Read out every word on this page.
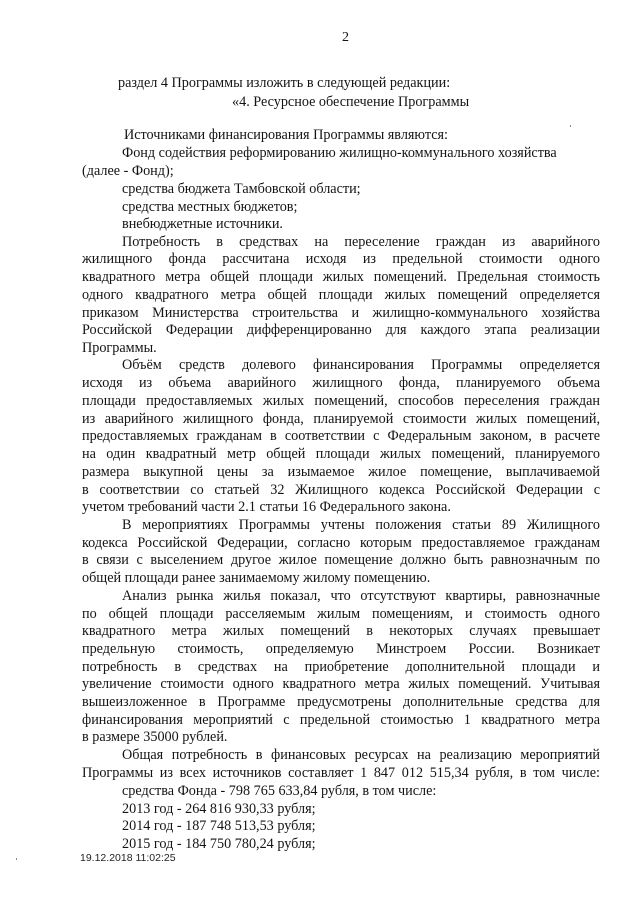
2
раздел 4 Программы изложить в следующей редакции:
«4. Ресурсное обеспечение Программы
Источниками финансирования Программы являются:
Фонд содействия реформированию жилищно-коммунального хозяйства
(далее - Фонд);
средства бюджета Тамбовской области;
средства местных бюджетов;
внебюджетные источники.
Потребность в средствах на переселение граждан из аварийного
жилищного фонда рассчитана исходя из предельной стоимости одного
квадратного метра общей площади жилых помещений. Предельная стоимость
одного квадратного метра общей площади жилых помещений определяется
приказом Министерства строительства и жилищно-коммунального хозяйства
Российской Федерации дифференцированно для каждого этапа реализации
Программы.
Объём средств долевого финансирования Программы определяется
исходя из объема аварийного жилищного фонда, планируемого объема
площади предоставляемых жилых помещений, способов переселения граждан
из аварийного жилищного фонда, планируемой стоимости жилых помещений,
предоставляемых гражданам в соответствии с Федеральным законом, в расчете
на один квадратный метр общей площади жилых помещений, планируемого
размера выкупной цены за изымаемое жилое помещение, выплачиваемой
в соответствии со статьей 32 Жилищного кодекса Российской Федерации с
учетом требований части 2.1 статьи 16 Федерального закона.
В мероприятиях Программы учтены положения статьи 89 Жилищного
кодекса Российской Федерации, согласно которым предоставляемое гражданам
в связи с выселением другое жилое помещение должно быть равнозначным по
общей площади ранее занимаемому жилому помещению.
Анализ рынка жилья показал, что отсутствуют квартиры, равнозначные
по общей площади расселяемым жилым помещениям, и стоимость одного
квадратного метра жилых помещений в некоторых случаях превышает
предельную стоимость, определяемую Минстроем России. Возникает
потребность в средствах на приобретение дополнительной площади и
увеличение стоимости одного квадратного метра жилых помещений. Учитывая
вышеизложенное в Программе предусмотрены дополнительные средства для
финансирования мероприятий с предельной стоимостью 1 квадратного метра
в размере 35000 рублей.
Общая потребность в финансовых ресурсах на реализацию мероприятий
Программы из всех источников составляет 1 847 012 515,34 рубля, в том числе:
средства Фонда - 798 765 633,84 рубля, в том числе:
2013 год - 264 816 930,33 рубля;
2014 год - 187 748 513,53 рубля;
2015 год - 184 750 780,24 рубля;
19.12.2018 11:02:25
